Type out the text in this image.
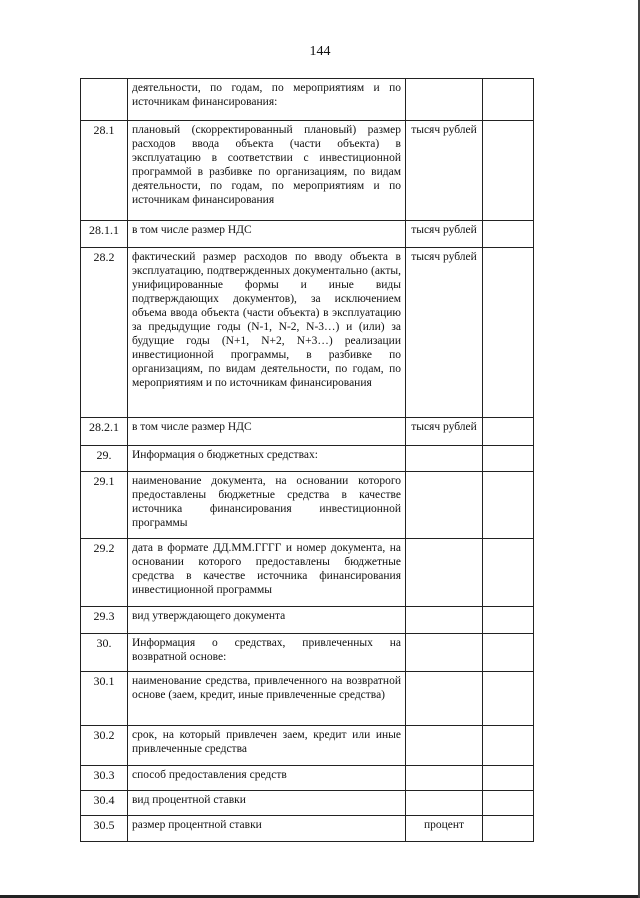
144
	деятельности, по годам, по мероприятиям и по источникам финансирования:		
28.1	плановый (скорректированный плановый) размер расходов ввода объекта (части объекта) в эксплуатацию в соответствии с инвестиционной программой в разбивке по организациям, по видам деятельности, по годам, по мероприятиям и по источникам финансирования	тысяч рублей	
28.1.1	в том числе размер НДС	тысяч рублей	
28.2	фактический размер расходов по вводу объекта в эксплуатацию, подтвержденных документально (акты, унифицированные формы и иные виды подтверждающих документов), за исключением объема ввода объекта (части объекта) в эксплуатацию за предыдущие годы (N-1, N-2, N-3…) и (или) за будущие годы (N+1, N+2, N+3…) реализации инвестиционной программы, в разбивке по организациям, по видам деятельности, по годам, по мероприятиям и по источникам финансирования	тысяч рублей	
28.2.1	в том числе размер НДС	тысяч рублей	
29.	Информация о бюджетных средствах:		
29.1	наименование документа, на основании которого предоставлены бюджетные средства в качестве источника финансирования инвестиционной программы		
29.2	дата в формате ДД.ММ.ГГГГ и номер документа, на основании которого предоставлены бюджетные средства в качестве источника финансирования инвестиционной программы		
29.3	вид утверждающего документа		
30.	Информация о средствах, привлеченных на возвратной основе:		
30.1	наименование средства, привлеченного на возвратной основе (заем, кредит, иные привлеченные средства)		
30.2	срок, на который привлечен заем, кредит или иные привлеченные средства		
30.3	способ предоставления средств		
30.4	вид процентной ставки		
30.5	размер процентной ставки	процент	
